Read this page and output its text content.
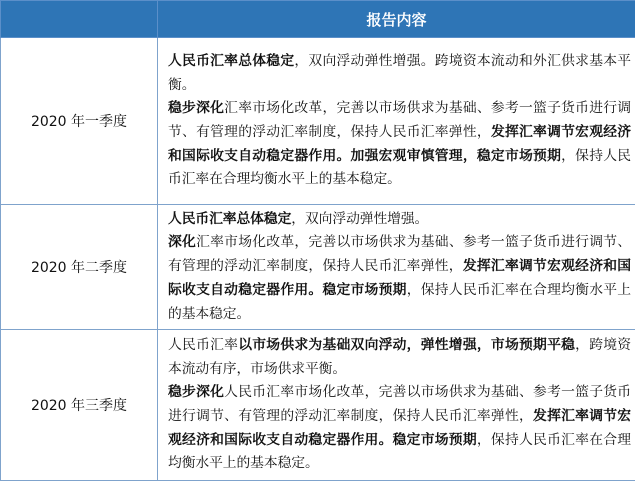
	报告内容
2020 年一季度	人民币汇率总体稳定，双向浮动弹性增强。跨境资本流动和外汇供求基本平衡。

稳步深化汇率市场化改革，完善以市场供求为基础、参考一篮子货币进行调节、有管理的浮动汇率制度，保持人民币汇率弹性，发挥汇率调节宏观经济和国际收支自动稳定器作用。加强宏观审慎管理，稳定市场预期，保持人民币汇率在合理均衡水平上的基本稳定。

2020 年二季度	人民币汇率总体稳定，双向浮动弹性增强。

深化汇率市场化改革，完善以市场供求为基础、参考一篮子货币进行调节、有管理的浮动汇率制度，保持人民币汇率弹性，发挥汇率调节宏观经济和国际收支自动稳定器作用。稳定市场预期，保持人民币汇率在合理均衡水平上的基本稳定。

2020 年三季度	人民币汇率以市场供求为基础双向浮动，弹性增强，市场预期平稳，跨境资本流动有序，市场供求平衡。

稳步深化人民币汇率市场化改革，完善以市场供求为基础、参考一篮子货币进行调节、有管理的浮动汇率制度，保持人民币汇率弹性，发挥汇率调节宏观经济和国际收支自动稳定器作用。稳定市场预期，保持人民币汇率在合理均衡水平上的基本稳定。
